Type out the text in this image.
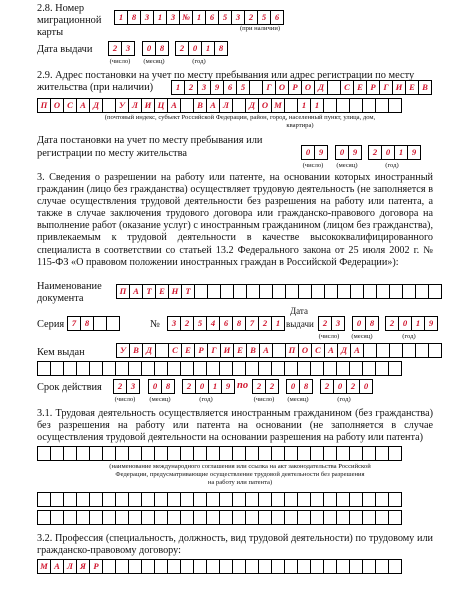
2.8. Номер
миграционной
карты
1	8	3	1	3 № 1	6	5	3	2	5	6
(при наличии)
Дата выдачи	2	3	0	8	2	0	1	8
(число)	(месяц)	(год)
2.9. Адрес постановки на учет по месту пребывания или адрес регистрации по месту
жительства (при наличии)	1	2	3	9	6	5	Г О Р О Д	С Е Р Г И Е В
П О С А Д	У Л И Ц А	В А Л	Д О М	1	1
(почтовый индекс, субъект Российской Федерации, район, город, населенный пункт, улица, дом,
квартира)
Дата постановки на учет по месту пребывания или
регистрации по месту жительства	0	9	0	9	2	0	1	9
(число)	(месяц)	(год)
3. Сведения о разрешении на работу или патенте, на основании которых иностранный гражданин (лицо без гражданства) осуществляет трудовую деятельность (не заполняется в случае осуществления трудовой деятельности без разрешения на работу или патента, а также в случае заключения трудового договора или гражданско-правового договора на выполнение работ (оказание услуг) с иностранным гражданином (лицом без гражданства), привлекаемым к трудовой деятельности в качестве высококвалифицированного специалиста в соответствии со статьей 13.2 Федерального закона от 25 июля 2002 г. № 115-ФЗ «О правовом положении иностранных граждан в Российской Федерации»):
Наименование
документа
П А Т Е Н Т
Серия 7	8	№	3	2	5	4	6	8	7	2	1
Дата
выдачи	2	3	0	8	2	0	1	9
(число)	(месяц)	(год)
Кем выдан	У В Д	С Е Р Г И Е В А	П О С А Д А
Срок действия	2	3	0	8	2	0	1	9 по	2	2	0	8	2	0	2	0
(число)	(месяц)	(год)	(число)	(месяц)	(год)
3.1. Трудовая деятельность осуществляется иностранным гражданином (без гражданства) без разрешения на работу или патента на основании (не заполняется в случае осуществления трудовой деятельности на основании разрешения на работу или патента)
(наименование международного соглашения или ссылка на акт законодательства Российской
Федерации, предусматривающие осуществление трудовой деятельности без разрешения
на работу или патента)
3.2. Профессия (специальность, должность, вид трудовой деятельности) по трудовому или гражданско-правовому договору:
М А Л Я Р
